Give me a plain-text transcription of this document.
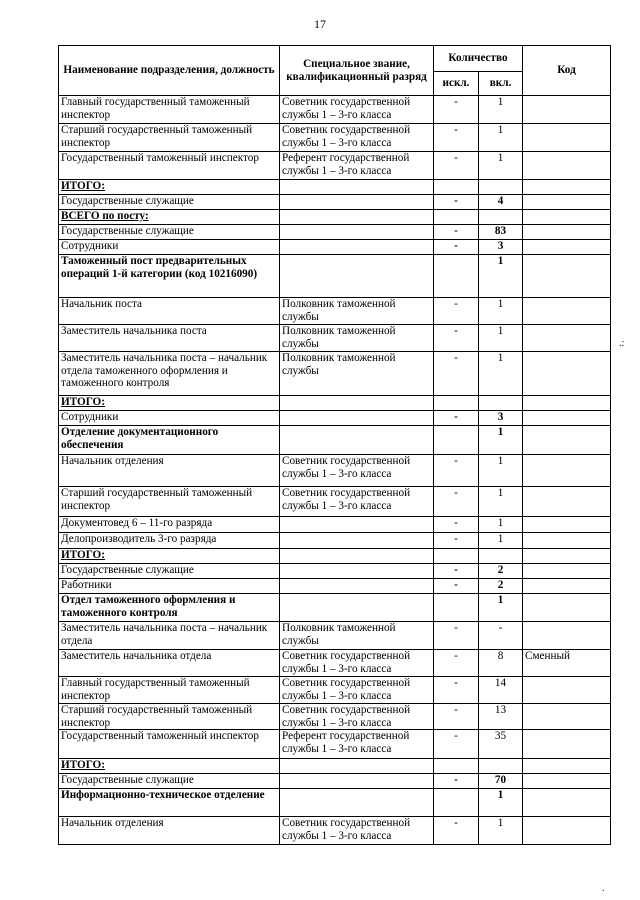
17
Наименование подразделения, должность	Специальное звание, квалификационный разряд	Количество		Код
		искл.	вкл.	
Главный государственный таможенный инспектор	Советник государственной службы 1 – 3-го класса	-	1	
Старший государственный таможенный инспектор	Советник государственной службы 1 – 3-го класса	-	1	
Государственный таможенный инспектор	Референт государственной службы 1 – 3-го класса	-	1	
ИТОГО:				
Государственные служащие		-	4	
ВСЕГО по посту:				
Государственные служащие		-	83	
Сотрудники		-	3	
Таможенный пост предварительных операций 1-й категории (код 10216090)			1	
Начальник поста	Полковник таможенной службы	-	1	
Заместитель начальника поста	Полковник таможенной службы	-	1	
Заместитель начальника поста – начальник отдела таможенного оформления и таможенного контроля	Полковник таможенной службы	-	1	
ИТОГО:				
Сотрудники		-	3	
Отделение документационного обеспечения			1	
Начальник отделения	Советник государственной службы 1 – 3-го класса	-	1	
Старший государственный таможенный инспектор	Советник государственной службы 1 – 3-го класса	-	1	
Документовед 6 – 11-го разряда		-	1	
Делопроизводитель 3-го разряда		-	1	
ИТОГО:				
Государственные служащие		-	2	
Работники		-	2	
Отдел таможенного оформления и таможенного контроля			1	
Заместитель начальника поста – начальник отдела	Полковник таможенной службы	-	-	
Заместитель начальника отдела	Советник государственной службы 1 – 3-го класса	-	8	Сменный
Главный государственный таможенный инспектор	Советник государственной службы 1 – 3-го класса	-	14	
Старший государственный таможенный инспектор	Советник государственной службы 1 – 3-го класса	-	13	
Государственный таможенный инспектор	Референт государственной службы 1 – 3-го класса	-	35	
ИТОГО:				
Государственные служащие		-	70	
Информационно-техническое отделение			1	
Начальник отделения	Советник государственной службы 1 – 3-го класса	-	1	
.:
.
